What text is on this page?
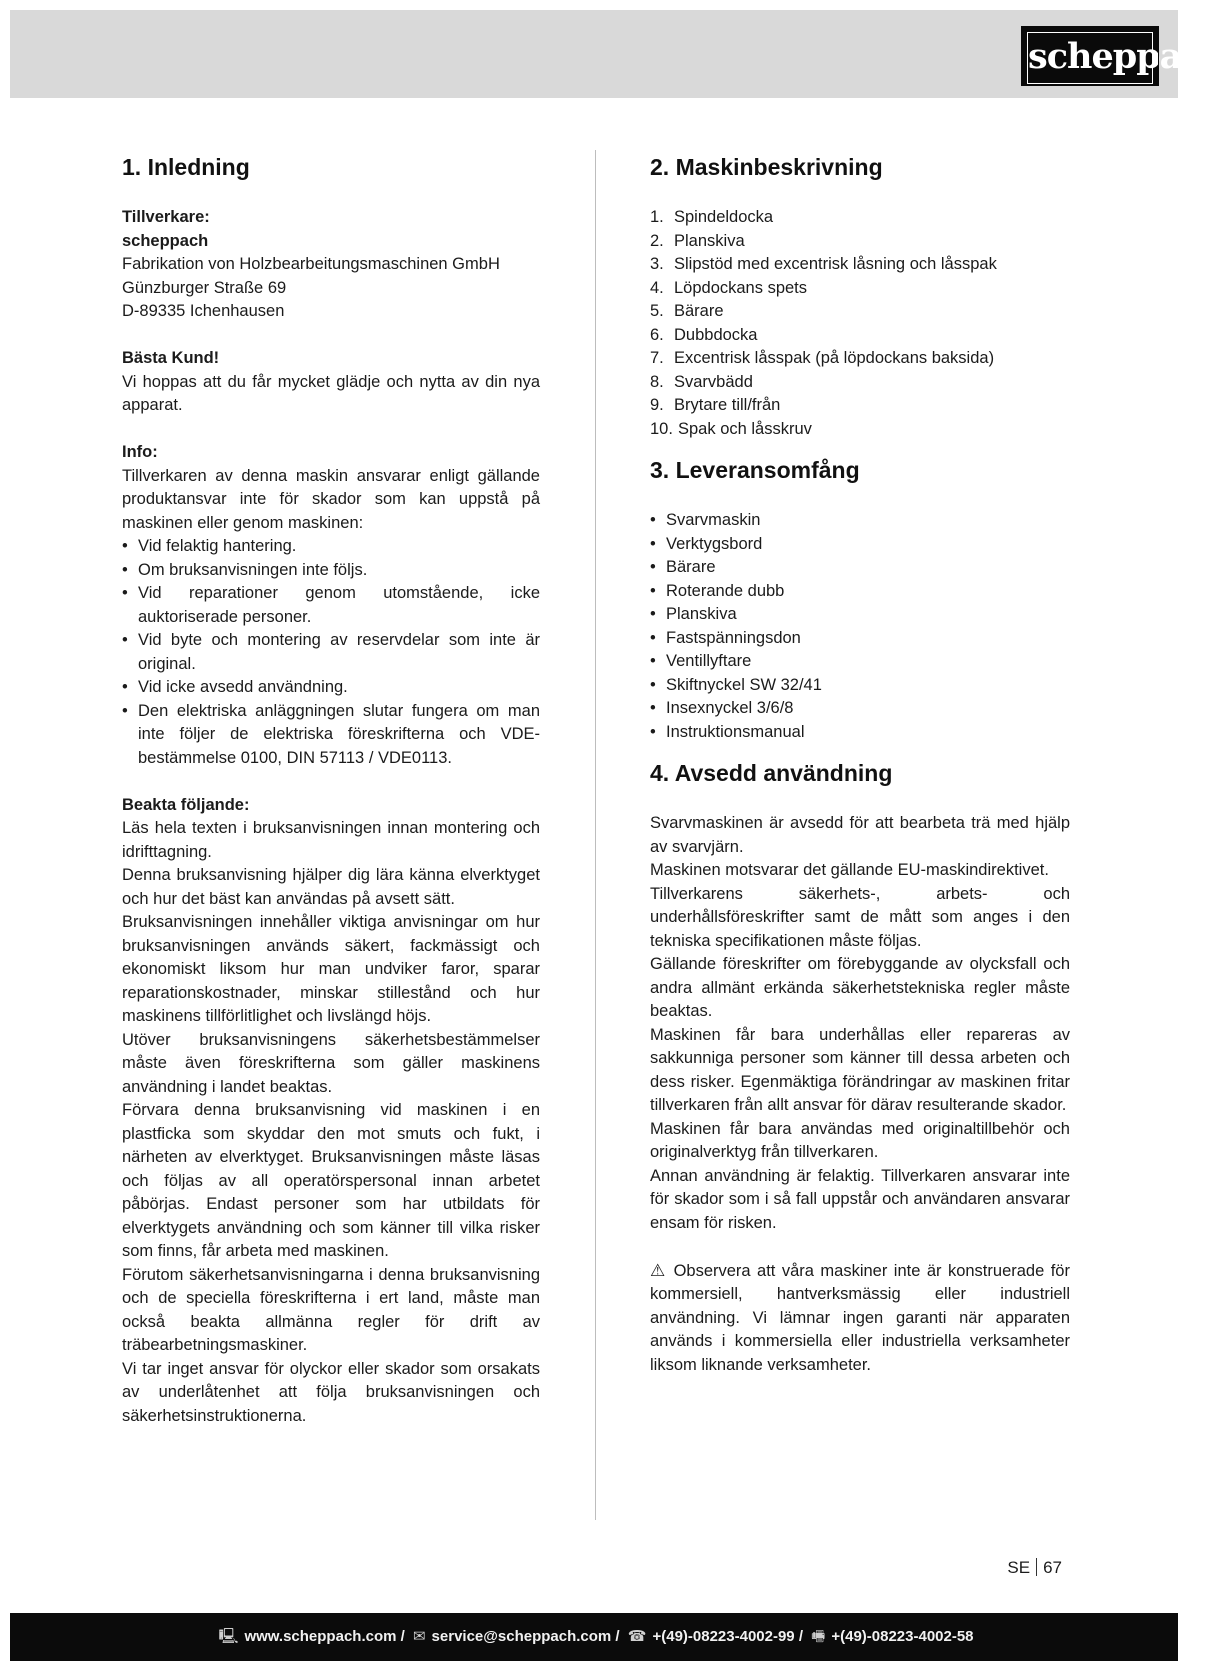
scheppach
1. Inledning

Tillverkare:

scheppach

Fabrikation von Holzbearbeitungsmaschinen GmbH

Günzburger Straße 69

D-89335 Ichenhausen

Bästa Kund!

Vi hoppas att du får mycket glädje och nytta av din nya apparat.

Info:

Tillverkaren av denna maskin ansvarar enligt gällande produktansvar inte för skador som kan uppstå på maskinen eller genom maskinen:

• Vid felaktig hantering.
• Om bruksanvisningen inte följs.
• Vid reparationer genom utomstående, icke auktoriserade personer.
• Vid byte och montering av reservdelar som inte är original.
• Vid icke avsedd användning.
• Den elektriska anläggningen slutar fungera om man inte följer de elektriska föreskrifterna och VDE-bestämmelse 0100, DIN 57113 / VDE0113.

Beakta följande:

Läs hela texten i bruksanvisningen innan montering och idrifttagning.

Denna bruksanvisning hjälper dig lära känna elverktyget och hur det bäst kan användas på avsett sätt.

Bruksanvisningen innehåller viktiga anvisningar om hur bruksanvisningen används säkert, fackmässigt och ekonomiskt liksom hur man undviker faror, sparar reparationskostnader, minskar stillestånd och hur maskinens tillförlitlighet och livslängd höjs.

Utöver bruksanvisningens säkerhetsbestämmelser måste även föreskrifterna som gäller maskinens användning i landet beaktas.

Förvara denna bruksanvisning vid maskinen i en plastficka som skyddar den mot smuts och fukt, i närheten av elverktyget. Bruksanvisningen måste läsas och följas av all operatörspersonal innan arbetet påbörjas. Endast personer som har utbildats för elverktygets användning och som känner till vilka risker som finns, får arbeta med maskinen.

Förutom säkerhetsanvisningarna i denna bruksanvisning och de speciella föreskrifterna i ert land, måste man också beakta allmänna regler för drift av träbearbetningsmaskiner.

Vi tar inget ansvar för olyckor eller skador som orsakats av underlåtenhet att följa bruksanvisningen och säkerhetsinstruktionerna.

2. Maskinbeskrivning
1. Spindeldocka
2. Planskiva
3. Slipstöd med excentrisk låsning och låsspak
4. Löpdockans spets
5. Bärare
6. Dubbdocka
7. Excentrisk låsspak (på löpdockans baksida)
8. Svarvbädd
9. Brytare till/från
10. Spak och låsskruv
3. Leveransomfång
• Svarvmaskin
• Verktygsbord
• Bärare
• Roterande dubb
• Planskiva
• Fastspänningsdon
• Ventillyftare
• Skiftnyckel SW 32/41
• Insexnyckel 3/6/8
• Instruktionsmanual
4. Avsedd användning

Svarvmaskinen är avsedd för att bearbeta trä med hjälp av svarvjärn.

Maskinen motsvarar det gällande EU-maskindirektivet.

Tillverkarens säkerhets-, arbets- och underhållsföreskrifter samt de mått som anges i den tekniska specifikationen måste följas.

Gällande föreskrifter om förebyggande av olycksfall och andra allmänt erkända säkerhetstekniska regler måste beaktas.

Maskinen får bara underhållas eller repareras av sakkunniga personer som känner till dessa arbeten och dess risker. Egenmäktiga förändringar av maskinen fritar tillverkaren från allt ansvar för därav resulterande skador.

Maskinen får bara användas med originaltillbehör och originalverktyg från tillverkaren.

Annan användning är felaktig. Tillverkaren ansvarar inte för skador som i så fall uppstår och användaren ansvarar ensam för risken.

⚠ Observera att våra maskiner inte är konstruerade för kommersiell, hantverksmässig eller industriell användning. Vi lämnar ingen garanti när apparaten används i kommersiella eller industriella verksamheter liksom liknande verksamheter.

SE 67
🖳 www.scheppach.com / ✉ service@scheppach.com / ☎ +(49)-08223-4002-99 / 🖷 +(49)-08223-4002-58
